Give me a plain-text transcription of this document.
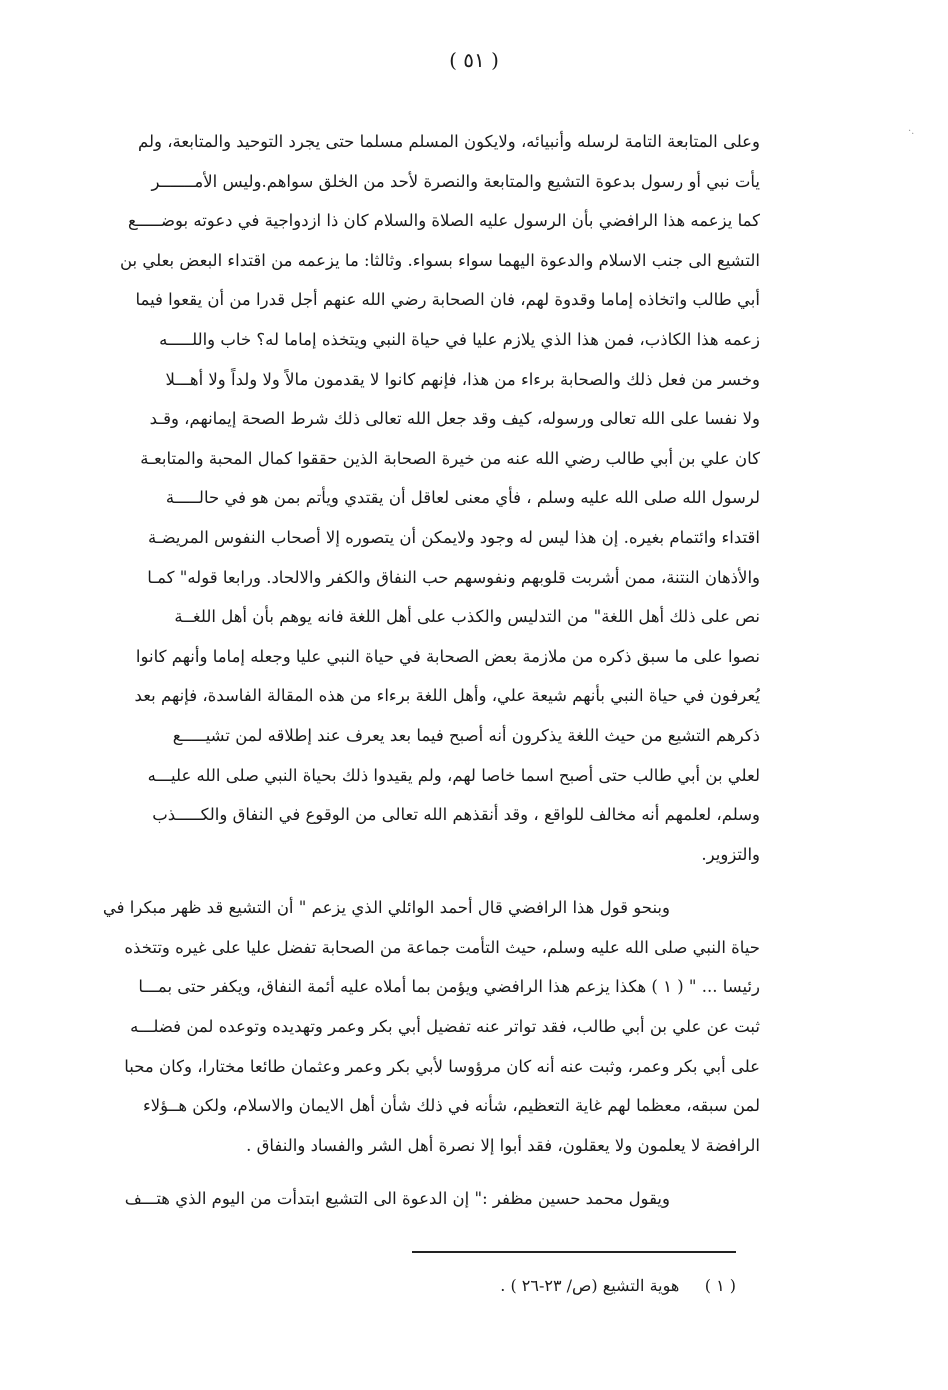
( ٥١ )
·.
وعلى المتابعة التامة لرسله وأنبيائه، ولايكون المسلم مسلما حتى يجرد التوحيد والمتابعة، ولم
يأت نبي أو رسول بدعوة التشيع والمتابعة والنصرة لأحد من الخلق سواهم.وليس الأمـــــــر
كما يزعمه هذا الرافضي بأن الرسول عليه الصلاة والسلام كان ذا ازدواجية في دعوته بوضـــــع
التشيع الى جنب الاسلام والدعوة اليهما سواء بسواء. وثالثا: ما يزعمه من اقتداء البعض بعلي بن
أبي طالب واتخاذه إماما وقدوة لهم، فان الصحابة رضي الله عنهم أجل قدرا من أن يقعوا فيما
زعمه هذا الكاذب، فمن هذا الذي يلازم عليا في حياة النبي ويتخذه إماما له؟ خاب واللـــــه
وخسر من فعل ذلك والصحابة برءاء من هذا، فإنهم كانوا لا يقدمون مالاً ولا ولداً ولا أهـــلا
ولا نفسا على الله تعالى ورسوله، كيف وقد جعل الله تعالى ذلك شرط الصحة إيمانهم، وقـد
كان علي بن أبي طالب رضي الله عنه من خيرة الصحابة الذين حققوا كمال المحبة والمتابعـة
لرسول الله صلى الله عليه وسلم ، فأي معنى لعاقل أن يقتدي ويأتم بمن هو في حالـــــة
اقتداء وائتمام بغيره. إن هذا ليس له وجود ولايمكن أن يتصوره إلا أصحاب النفوس المريضـة
والأذهان النتنة، ممن أشربت قلوبهم ونفوسهم حب النفاق والكفر والالحاد. ورابعا قوله" كمـا
نص على ذلك أهل اللغة" من التدليس والكذب على أهل اللغة فانه يوهم بأن أهل اللغــة
نصوا على ما سبق ذكره من ملازمة بعض الصحابة في حياة النبي عليا وجعله إماما وأنهم كانوا
يُعرفون في حياة النبي بأنهم شيعة علي، وأهل اللغة برءاء من هذه المقالة الفاسدة، فإنهم بعد
ذكرهم التشيع من حيث اللغة يذكرون أنه أصبح فيما بعد يعرف عند إطلاقه لمن تشيـــــع
لعلي بن أبي طالب حتى أصبح اسما خاصا لهم، ولم يقيدوا ذلك بحياة النبي صلى الله عليـــه
وسلم، لعلمهم أنه مخالف للواقع ، وقد أنقذهم الله تعالى من الوقوع في النفاق والكـــــذب
والتزوير.
وبنحو قول هذا الرافضي قال أحمد الوائلي الذي يزعم " أن التشيع قد ظهر مبكرا في
حياة النبي صلى الله عليه وسلم، حيث التأمت جماعة من الصحابة تفضل عليا على غيره وتتخذه
رئيسا ... " ( ١ ) هكذا يزعم هذا الرافضي ويؤمن بما أملاه عليه أئمة النفاق، ويكفر حتى بمـــا
ثبت عن علي بن أبي طالب، فقد تواتر عنه تفضيل أبي بكر وعمر وتهديده وتوعده لمن فضلـــه
على أبي بكر وعمر، وثبت عنه أنه كان مرؤوسا لأبي بكر وعمر وعثمان طائعا مختارا، وكان محبا
لمن سبقه، معظما لهم غاية التعظيم، شأنه في ذلك شأن أهل الايمان والاسلام، ولكن هــؤلاء
الرافضة لا يعلمون ولا يعقلون، فقد أبوا إلا نصرة أهل الشر والفساد والنفاق .
ويقول محمد حسين مظفر :" إن الدعوة الى التشيع ابتدأت من اليوم الذي هتـــف
( ١ )     هوية التشيع (ص/ ٢٣-٢٦ ) .
